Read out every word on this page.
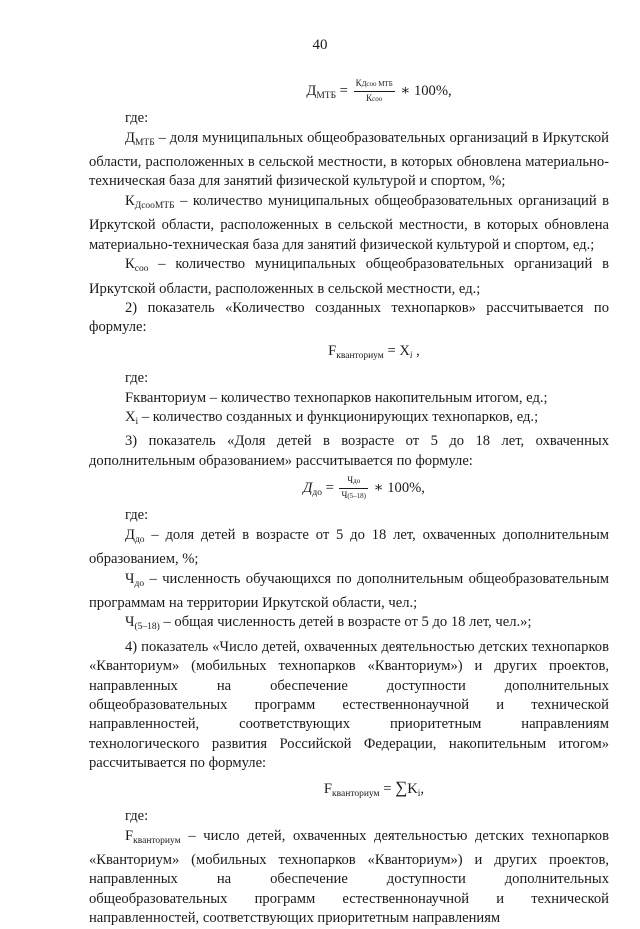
40
$Д_{МТБ} = \frac{\text{КДсоо МТБ}}{\text{Ксоо}}$ ∗ 100%,

где:

$Д_{МТБ}$ – доля муниципальных общеобразовательных организаций в Иркутской области, расположенных в сельской местности, в которых обновлена материально-техническая база для занятий физической культурой и спортом, %;

$К_{ДсооМТБ}$ – количество муниципальных общеобразовательных организаций в Иркутской области, расположенных в сельской местности, в которых обновлена материально-техническая база для занятий физической культурой и спортом, ед.;

$К_{соо}$ – количество муниципальных общеобразовательных организаций в Иркутской области, расположенных в сельской местности, ед.;

2) показатель «Количество созданных технопарков» рассчитывается по формуле:

$F_{кванториум} = X_i$ ,

где:

Fкванториум – количество технопарков накопительным итогом, ед.;

$X_i$ – количество созданных и функционирующих технопарков, ед.;

3) показатель «Доля детей в возрасте от 5 до 18 лет, охваченных дополнительным образованием» рассчитывается по формуле:

$Д_{до} = \frac{\text{Чдо}}{Ч(5-18)}$ ∗ 100%,

где:

$Д_{до}$ – доля детей в возрасте от 5 до 18 лет, охваченных дополнительным образованием, %;

$Ч_{до}$ – численность обучающихся по дополнительным общеобразовательным программам на территории Иркутской области, чел.;

$Ч_{(5-18)}$ – общая численность детей в возрасте от 5 до 18 лет, чел.»;

4) показатель «Число детей, охваченных деятельностью детских технопарков «Кванториум» (мобильных технопарков «Кванториум») и других проектов, направленных на обеспечение доступности дополнительных общеобразовательных программ естественнонаучной и технической направленностей, соответствующих приоритетным направлениям технологического развития Российской Федерации, накопительным итогом» рассчитывается по формуле:

$F_{кванториум} = \sum K_i$,

где:

$F_{кванториум}$ – число детей, охваченных деятельностью детских технопарков «Кванториум» (мобильных технопарков «Кванториум») и других проектов, направленных на обеспечение доступности дополнительных общеобразовательных программ естественнонаучной и технической направленностей, соответствующих приоритетным направлениям
